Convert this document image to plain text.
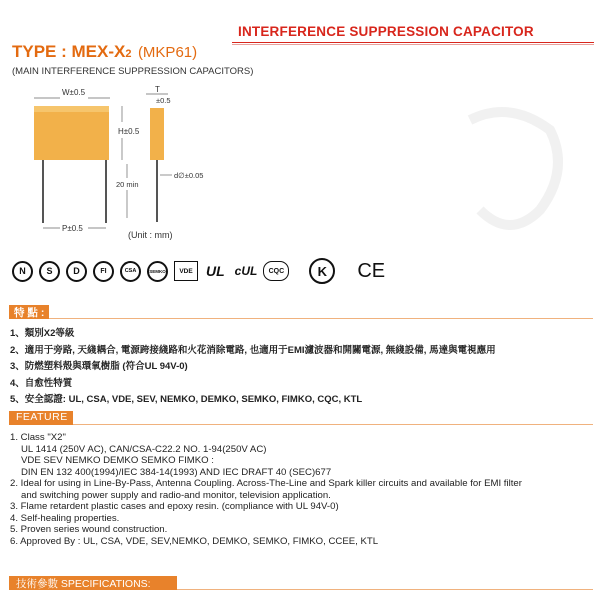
INTERFERENCE SUPPRESSION CAPACITOR
TYPE : MEX-X2 (MKP61)
(MAIN INTERFERENCE SUPPRESSION CAPACITORS)
W±0.5
H±0.5
20 min
P±0.5
T
±0.5
d∅±0.05
(Unit : mm)
N	S	D	FI	CSA	SEMKO	VDE UL cUL	CQC	K	CE
特 點 :
1、類別X2等級
2、適用于旁路, 天綫耦合, 電源跨接綫路和火花消除電路, 也適用于EMI濾波器和開關電源, 無綫設備, 馬達與電視應用
3、防燃塑料殼與環氧樹脂 (符合UL 94V-0)
4、自愈性特質
5、安全認證: UL, CSA, VDE, SEV, NEMKO, DEMKO, SEMKO, FIMKO, CQC, KTL
FEATURE
1. Class "X2"
UL 1414 (250V AC), CAN/CSA-C22.2 NO. 1-94(250V AC)
VDE SEV NEMKO DEMKO SEMKO FIMKO :
DIN EN 132 400(1994)/IEC 384-14(1993) AND IEC DRAFT 40 (SEC)677
2. Ideal for using in Line-By-Pass, Antenna Coupling. Across-The-Line and Spark killer circuits and available for EMI filter
and switching power supply and radio-and monitor, television application.
3. Flame retardent plastic cases and epoxy resin. (compliance with UL 94V-0)
4. Self-healing properties.
5. Proven series wound construction.
6. Approved By : UL, CSA, VDE, SEV,NEMKO, DEMKO, SEMKO, FIMKO, CCEE, KTL
技術參數 SPECIFICATIONS:
